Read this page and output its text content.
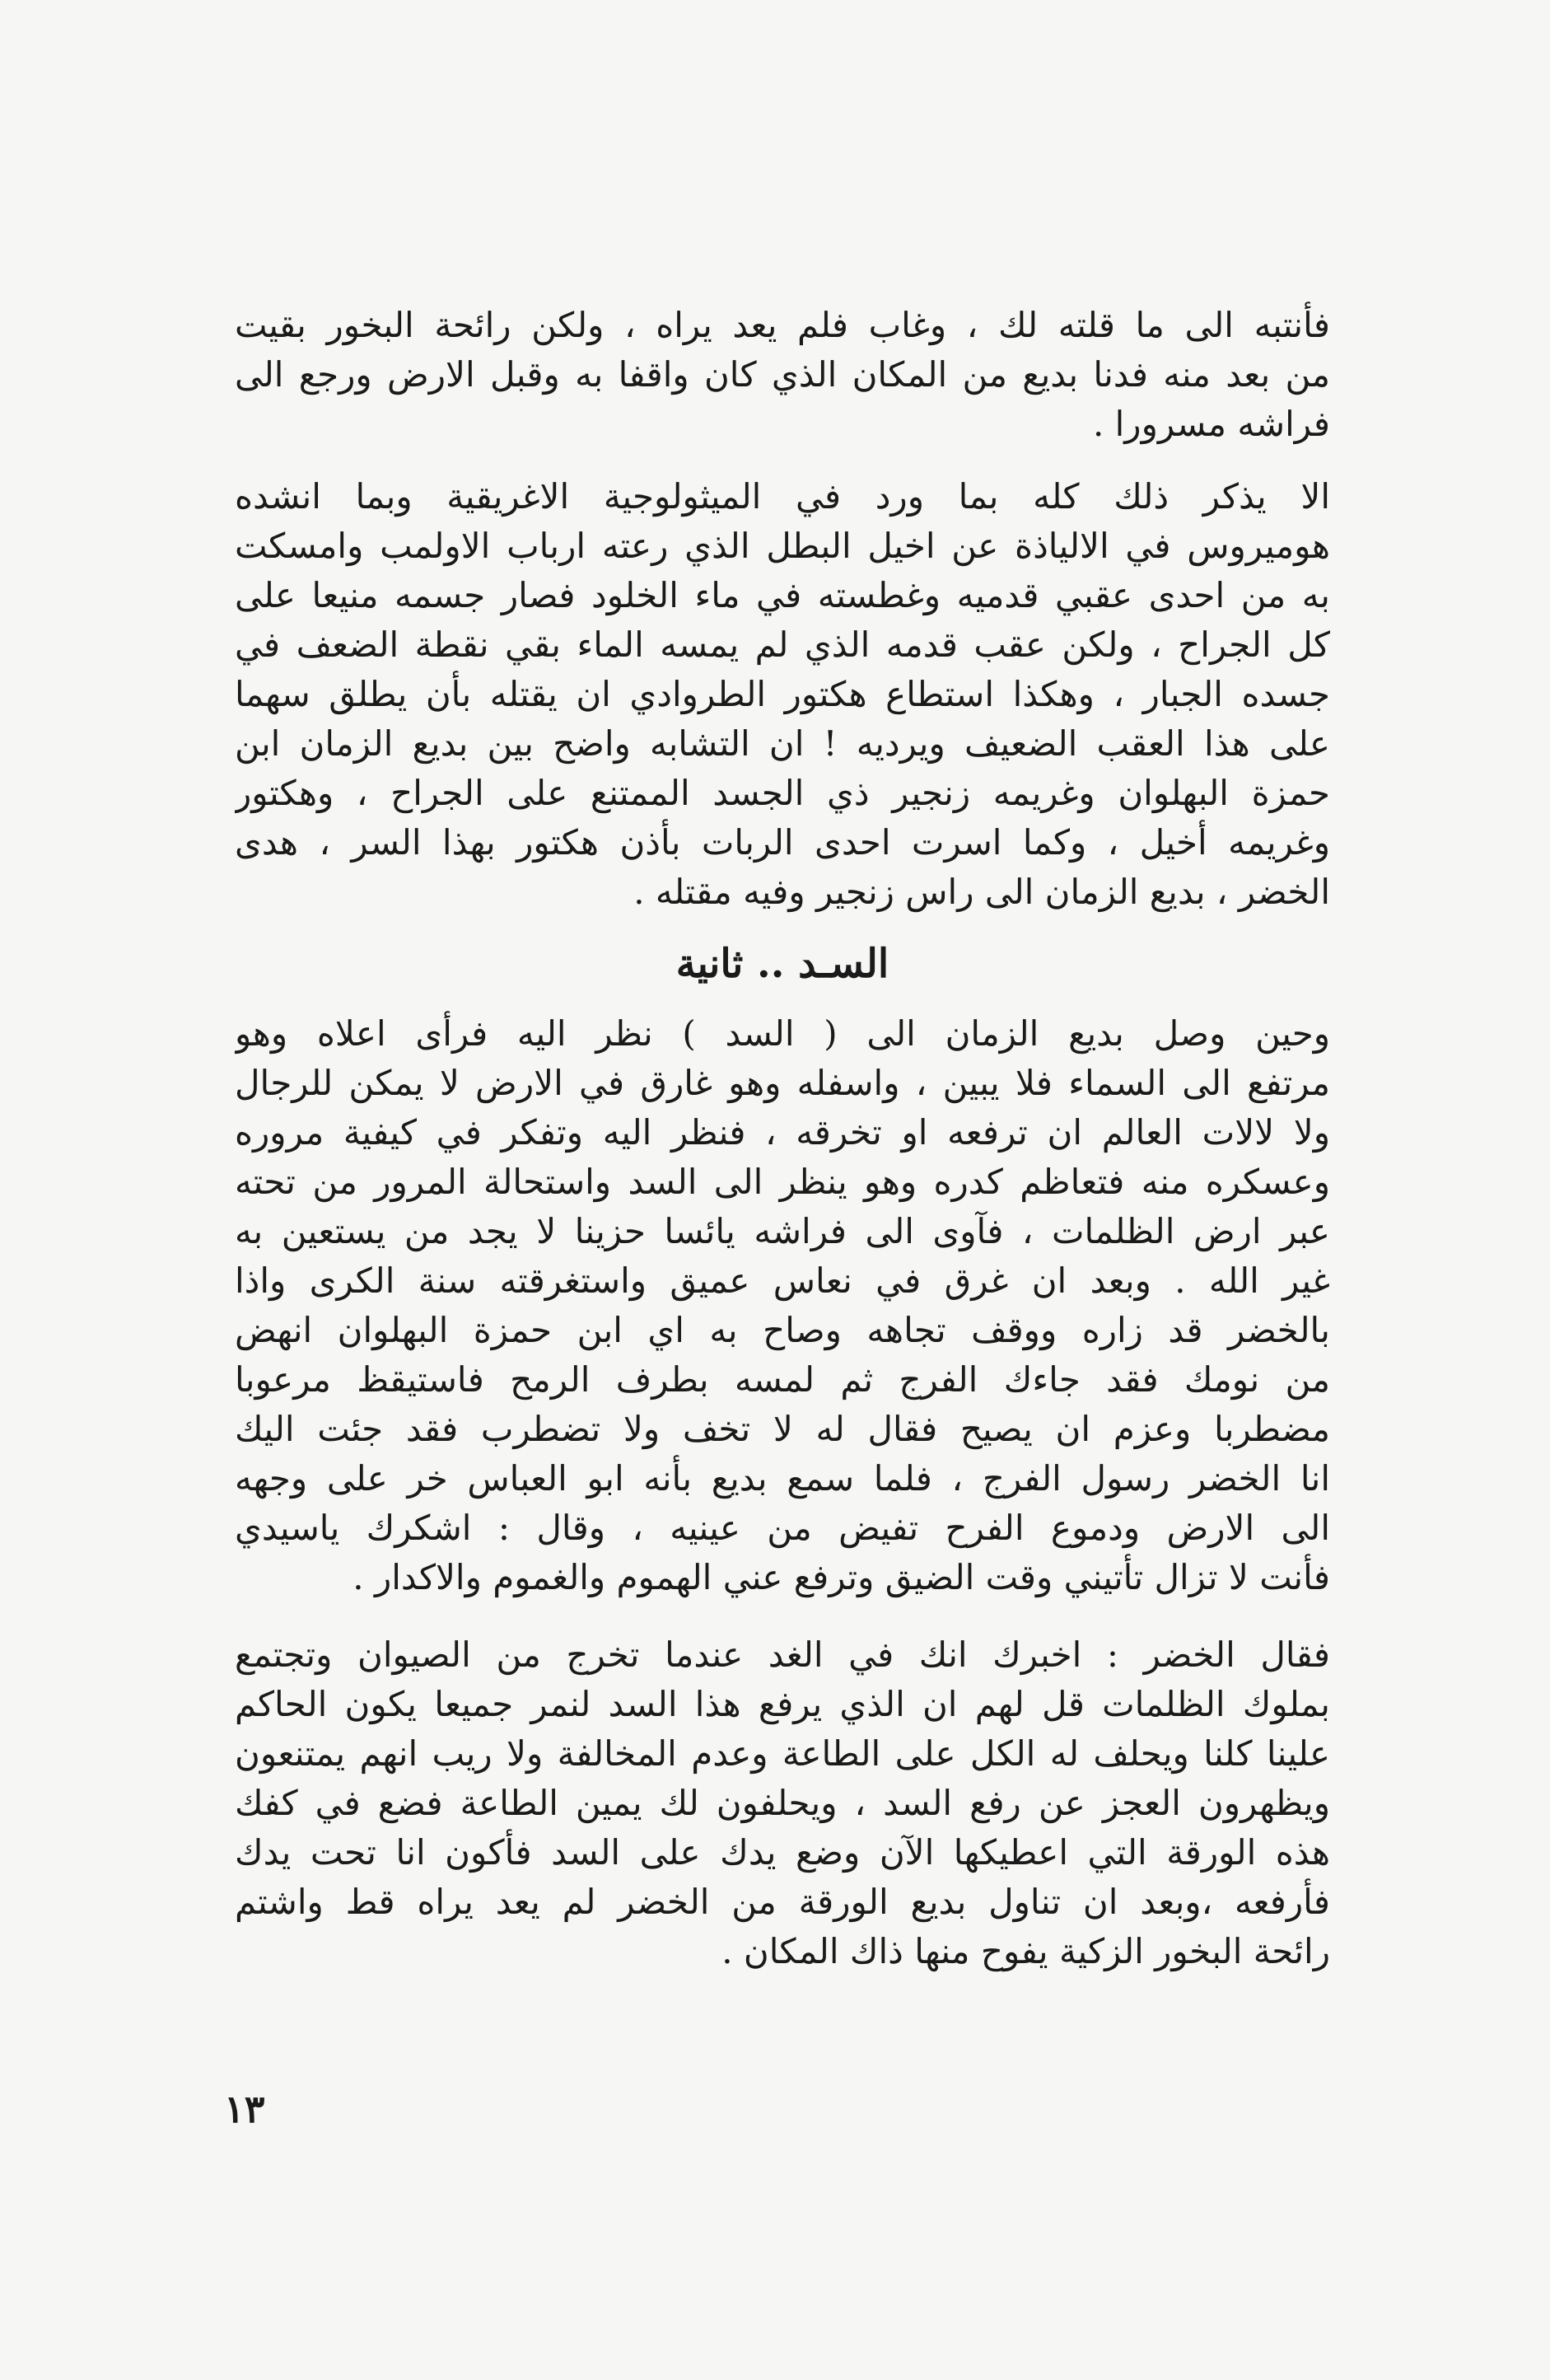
فأنتبه الى ما قلته لك ، وغاب فلم يعد يراه ، ولكن رائحة البخور بقيت
من بعد منه فدنا بديع من المكان الذي كان واقفا به وقبل الارض ورجع الى
فراشه مسرورا .
الا يذكر ذلك كله بما ورد في الميثولوجية الاغريقية وبما انشده
هوميروس في الالياذة عن اخيل البطل الذي رعته ارباب الاولمب وامسكت
به من احدى عقبي قدميه وغطسته في ماء الخلود فصار جسمه منيعا على
كل الجراح ، ولكن عقب قدمه الذي لم يمسه الماء بقي نقطة الضعف في
جسده الجبار ، وهكذا استطاع هكتور الطروادي ان يقتله بأن يطلق سهما
على هذا العقب الضعيف ويرديه ! ان التشابه واضح بين بديع الزمان ابن
حمزة البهلوان وغريمه زنجير ذي الجسد الممتنع على الجراح ، وهكتور
وغريمه أخيل ، وكما اسرت احدى الربات بأذن هكتور بهذا السر ، هدى
الخضر ، بديع الزمان الى راس زنجير وفيه مقتله .
السـد .. ثانية
وحين وصل بديع الزمان الى ( السد ) نظر اليه فرأى اعلاه وهو
مرتفع الى السماء فلا يبين ، واسفله وهو غارق في الارض لا يمكن للرجال
ولا لالات العالم ان ترفعه او تخرقه ، فنظر اليه وتفكر في كيفية مروره
وعسكره منه فتعاظم كدره وهو ينظر الى السد واستحالة المرور من تحته
عبر ارض الظلمات ، فآوى الى فراشه يائسا حزينا لا يجد من يستعين به
غير الله . وبعد ان غرق في نعاس عميق واستغرقته سنة الكرى واذا
بالخضر قد زاره ووقف تجاهه وصاح به اي ابن حمزة البهلوان انهض
من نومك فقد جاءك الفرج ثم لمسه بطرف الرمح فاستيقظ مرعوبا
مضطربا وعزم ان يصيح فقال له لا تخف ولا تضطرب فقد جئت اليك
انا الخضر رسول الفرج ، فلما سمع بديع بأنه ابو العباس خر على وجهه
الى الارض ودموع الفرح تفيض من عينيه ، وقال : اشكرك ياسيدي
فأنت لا تزال تأتيني وقت الضيق وترفع عني الهموم والغموم والاكدار .
فقال الخضر : اخبرك انك في الغد عندما تخرج من الصيوان وتجتمع
بملوك الظلمات قل لهم ان الذي يرفع هذا السد لنمر جميعا يكون الحاكم
علينا كلنا ويحلف له الكل على الطاعة وعدم المخالفة ولا ريب انهم يمتنعون
ويظهرون العجز عن رفع السد ، ويحلفون لك يمين الطاعة فضع في كفك
هذه الورقة التي اعطيكها الآن وضع يدك على السد فأكون انا تحت يدك
فأرفعه ،وبعد ان تناول بديع الورقة من الخضر لم يعد يراه قط واشتم
رائحة البخور الزكية يفوح منها ذاك المكان .
١٣
